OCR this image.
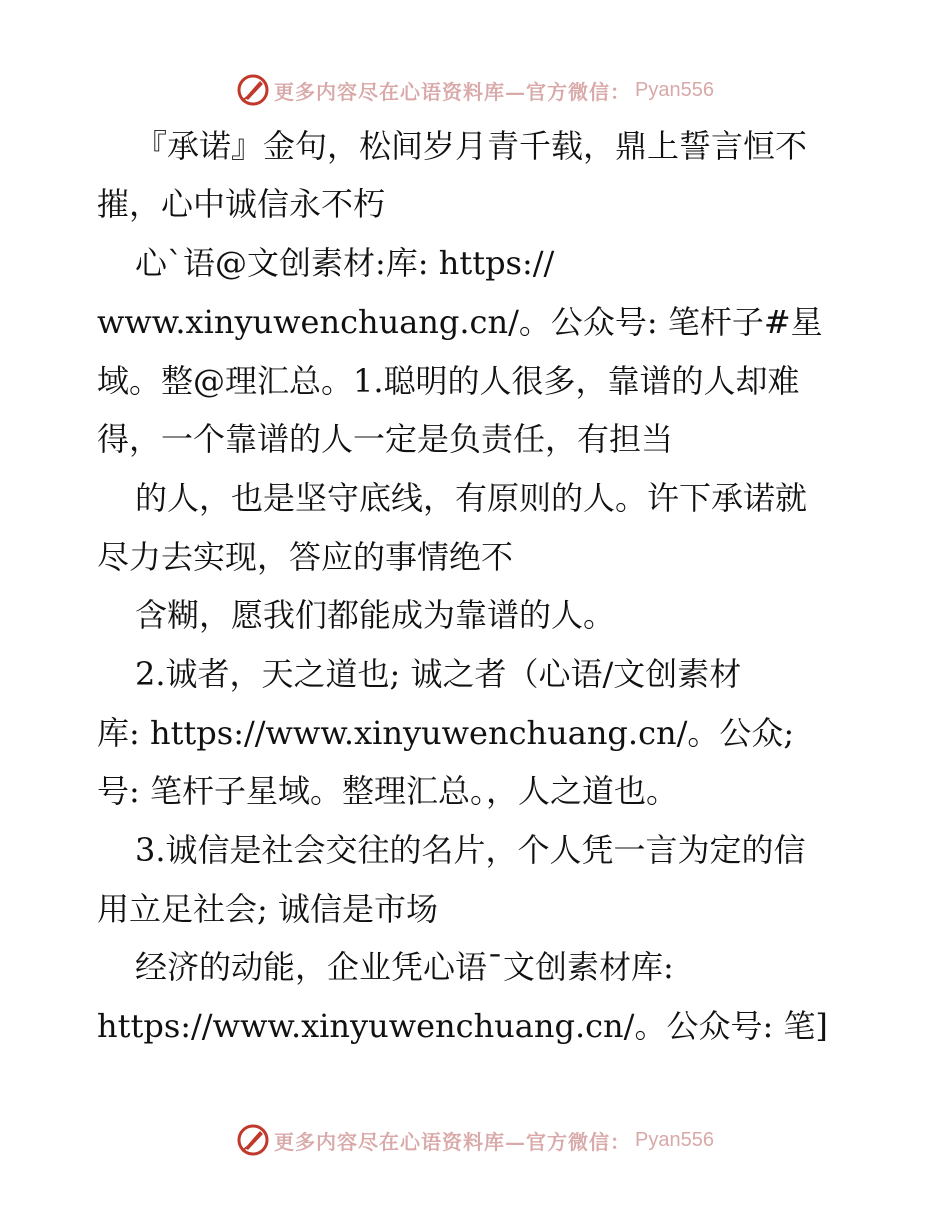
更多内容尽在心语资料库—官方微信： Pyan556
『承诺』金句，松间岁月青千载，鼎上誓言恒不
摧，心中诚信永不朽
心`语@文创素材:库: https://
www.xinyuwenchuang.cn/。公众号: 笔杆子#星
域。整@理汇总。1.聪明的人很多，靠谱的人却难
得，一个靠谱的人一定是负责任，有担当
的人，也是坚守底线，有原则的人。许下承诺就
尽力去实现，答应的事情绝不
含糊，愿我们都能成为靠谱的人。
2.诚者，天之道也; 诚之者（心语/文创素材
库: https://www.xinyuwenchuang.cn/。公众;
号: 笔杆子星域。整理汇总。，人之道也。
3.诚信是社会交往的名片，个人凭一言为定的信
用立足社会; 诚信是市场
经济的动能，企业凭心语¯文创素材库:
https://www.xinyuwenchuang.cn/。公众号: 笔]
更多内容尽在心语资料库—官方微信： Pyan556
